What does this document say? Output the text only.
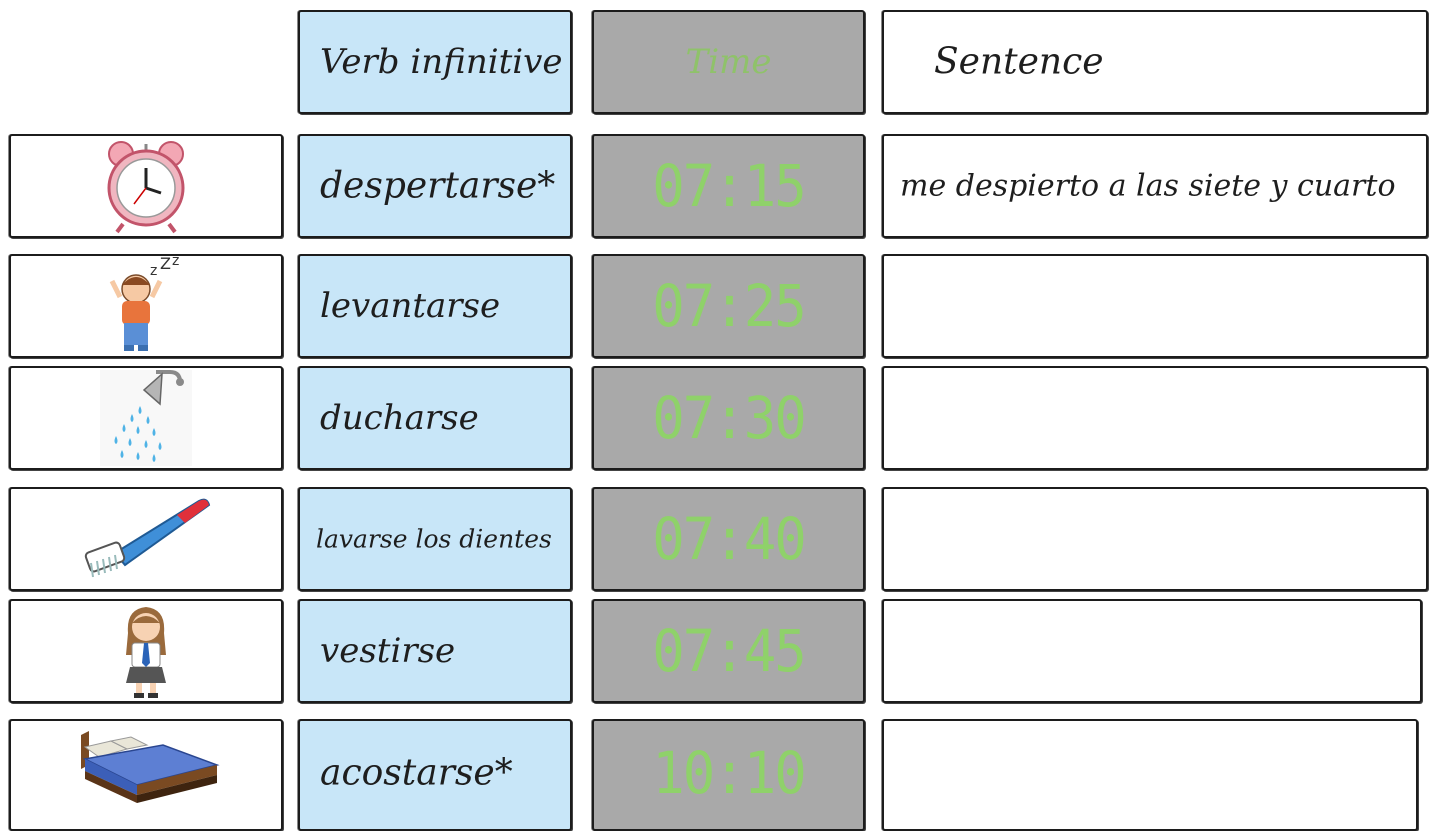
Verb infinitive	Time	Sentence
despertarse*	07:15	me despierto a las siete y cuarto
z Z z
levantarse	07:25
ducharse	07:30
lavarse los dientes	07:40
vestirse	07:45
acostarse*	10:10
